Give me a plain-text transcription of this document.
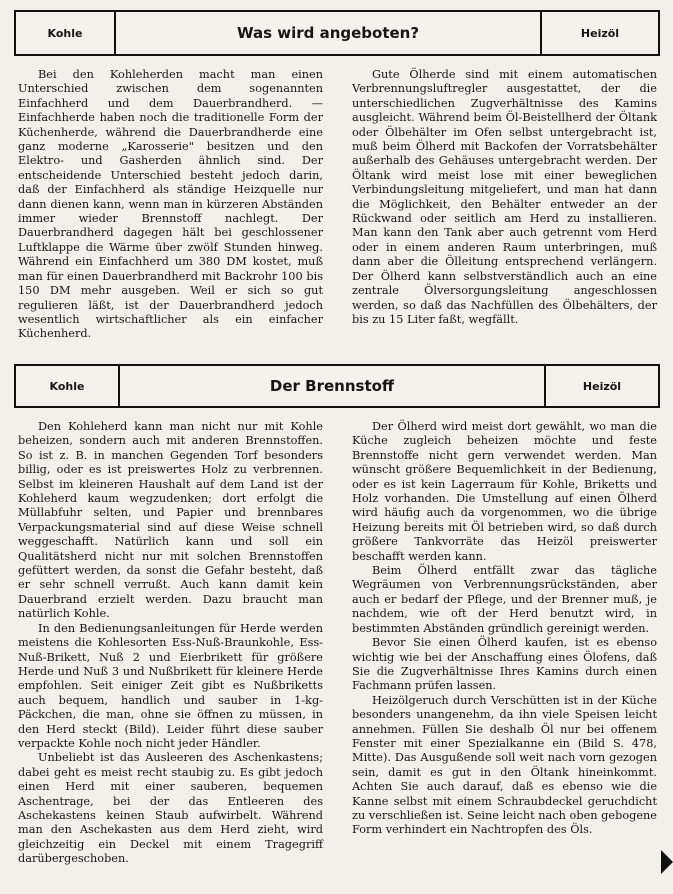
Kohle	Was wird angeboten?	Heizöl

Bei den Kohleherden macht man einen Unterschied zwischen dem sogenannten Einfachherd und dem Dauerbrandherd. — Einfachherde haben noch die traditionelle Form der Küchenherde, während die Dauerbrandherde eine ganz moderne „Karosserie" besitzen und den Elektro- und Gasherden ähnlich sind. Der entscheidende Unterschied besteht jedoch darin, daß der Einfachherd als ständige Heizquelle nur dann dienen kann, wenn man in kürzeren Abständen immer wieder Brennstoff nachlegt. Der Dauerbrandherd dagegen hält bei geschlossener Luftklappe die Wärme über zwölf Stunden hinweg. Während ein Einfachherd um 380 DM kostet, muß man für einen Dauerbrandherd mit Backrohr 100 bis 150 DM mehr ausgeben. Weil er sich so gut regulieren läßt, ist der Dauerbrandherd jedoch wesentlich wirtschaftlicher als ein einfacher Küchenherd.

Gute Ölherde sind mit einem automatischen Verbrennungsluftregler ausgestattet, der die unterschiedlichen Zugverhältnisse des Kamins ausgleicht. Während beim Öl-Beistellherd der Öltank oder Ölbehälter im Ofen selbst untergebracht ist, muß beim Ölherd mit Backofen der Vorratsbehälter außerhalb des Gehäuses untergebracht werden. Der Öltank wird meist lose mit einer beweglichen Verbindungsleitung mitgeliefert, und man hat dann die Möglichkeit, den Behälter entweder an der Rückwand oder seitlich am Herd zu installieren. Man kann den Tank aber auch getrennt vom Herd oder in einem anderen Raum unterbringen, muß dann aber die Ölleitung entsprechend verlängern. Der Ölherd kann selbstverständlich auch an eine zentrale Ölversorgungsleitung angeschlossen werden, so daß das Nachfüllen des Ölbehälters, der bis zu 15 Liter faßt, wegfällt.

Kohle	Der Brennstoff	Heizöl

Den Kohleherd kann man nicht nur mit Kohle beheizen, sondern auch mit anderen Brennstoffen. So ist z. B. in manchen Gegenden Torf besonders billig, oder es ist preiswertes Holz zu verbrennen. Selbst im kleineren Haushalt auf dem Land ist der Kohleherd kaum wegzudenken; dort erfolgt die Müllabfuhr selten, und Papier und brennbares Verpackungsmaterial sind auf diese Weise schnell weggeschafft. Natürlich kann und soll ein Qualitätsherd nicht nur mit solchen Brennstoffen gefüttert werden, da sonst die Gefahr besteht, daß er sehr schnell verrußt. Auch kann damit kein Dauerbrand erzielt werden. Dazu braucht man natürlich Kohle.

In den Bedienungsanleitungen für Herde werden meistens die Kohlesorten Ess-Nuß-Braunkohle, Ess-Nuß-Brikett, Nuß 2 und Eierbrikett für größere Herde und Nuß 3 und Nußbrikett für kleinere Herde empfohlen. Seit einiger Zeit gibt es Nußbriketts auch bequem, handlich und sauber in 1-kg-Päckchen, die man, ohne sie öffnen zu müssen, in den Herd steckt (Bild). Leider führt diese sauber verpackte Kohle noch nicht jeder Händler.

Unbeliebt ist das Ausleeren des Aschenkastens; dabei geht es meist recht staubig zu. Es gibt jedoch einen Herd mit einer sauberen, bequemen Aschentrage, bei der das Entleeren des Aschekastens keinen Staub aufwirbelt. Während man den Aschekasten aus dem Herd zieht, wird gleichzeitig ein Deckel mit einem Tragegriff darübergeschoben.

Der Ölherd wird meist dort gewählt, wo man die Küche zugleich beheizen möchte und feste Brennstoffe nicht gern verwendet werden. Man wünscht größere Bequemlichkeit in der Bedienung, oder es ist kein Lagerraum für Kohle, Briketts und Holz vorhanden. Die Umstellung auf einen Ölherd wird häufig auch da vorgenommen, wo die übrige Heizung bereits mit Öl betrieben wird, so daß durch größere Tankvorräte das Heizöl preiswerter beschafft werden kann.

Beim Ölherd entfällt zwar das tägliche Wegräumen von Verbrennungsrückständen, aber auch er bedarf der Pflege, und der Brenner muß, je nachdem, wie oft der Herd benutzt wird, in bestimmten Abständen gründlich gereinigt werden.

Bevor Sie einen Ölherd kaufen, ist es ebenso wichtig wie bei der Anschaffung eines Ölofens, daß Sie die Zugverhältnisse Ihres Kamins durch einen Fachmann prüfen lassen.

Heizölgeruch durch Verschütten ist in der Küche besonders unangenehm, da ihn viele Speisen leicht annehmen. Füllen Sie deshalb Öl nur bei offenem Fenster mit einer Spezialkanne ein (Bild S. 478, Mitte). Das Ausgußende soll weit nach vorn gezogen sein, damit es gut in den Öltank hineinkommt. Achten Sie auch darauf, daß es ebenso wie die Kanne selbst mit einem Schraubdeckel geruchdicht zu verschließen ist. Seine leicht nach oben gebogene Form verhindert ein Nachtropfen des Öls.
